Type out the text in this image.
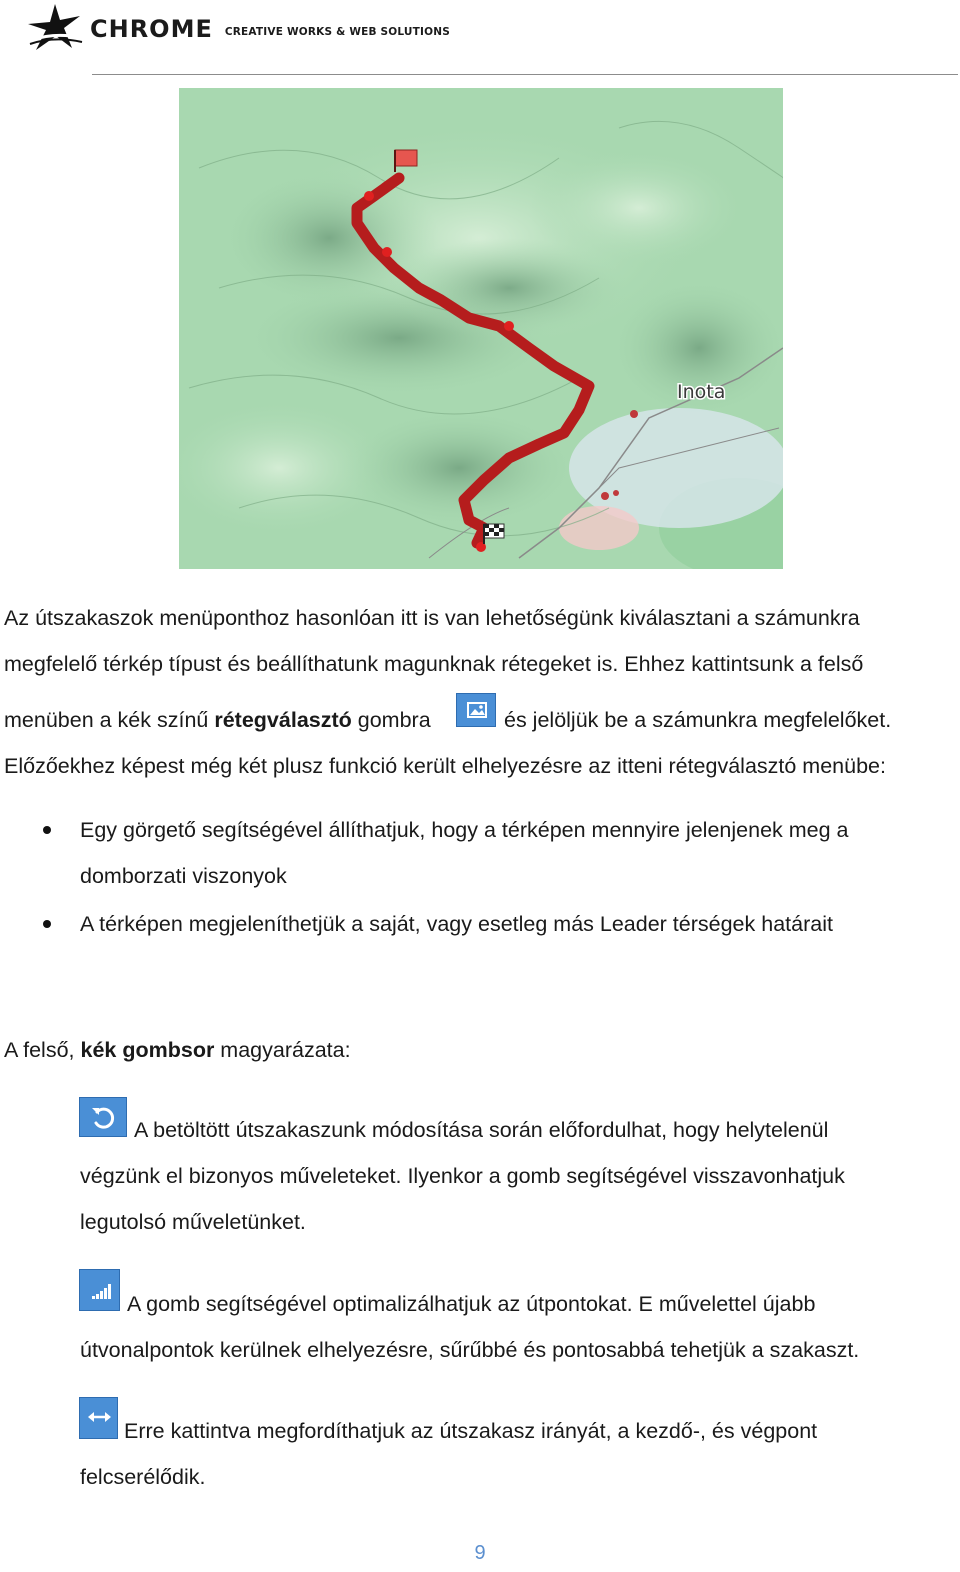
CHROME CREATIVE WORKS & WEB SOLUTIONS
Inota
Az útszakaszok menüponthoz hasonlóan itt is van lehetőségünk kiválasztani a számunkra
megfelelő térkép típust és beállíthatunk magunknak rétegeket is. Ehhez kattintsunk a felső
menüben a kék színű rétegválasztó gombra	és jelöljük be a számunkra megfelelőket.
Előzőekhez képest még két plusz funkció került elhelyezésre az itteni rétegválasztó menübe:
Egy görgető segítségével állíthatjuk, hogy a térképen mennyire jelenjenek meg a
domborzati viszonyok
A térképen megjeleníthetjük a saját, vagy esetleg más Leader térségek határait
A felső, kék gombsor magyarázata:
A betöltött útszakaszunk módosítása során előfordulhat, hogy helytelenül
végzünk el bizonyos műveleteket. Ilyenkor a gomb segítségével visszavonhatjuk
legutolsó műveletünket.
A gomb segítségével optimalizálhatjuk az útpontokat. E művelettel újabb
útvonalpontok kerülnek elhelyezésre, sűrűbbé és pontosabbá tehetjük a szakaszt.
Erre kattintva megfordíthatjuk az útszakasz irányát, a kezdő-, és végpont
felcserélődik.
9
